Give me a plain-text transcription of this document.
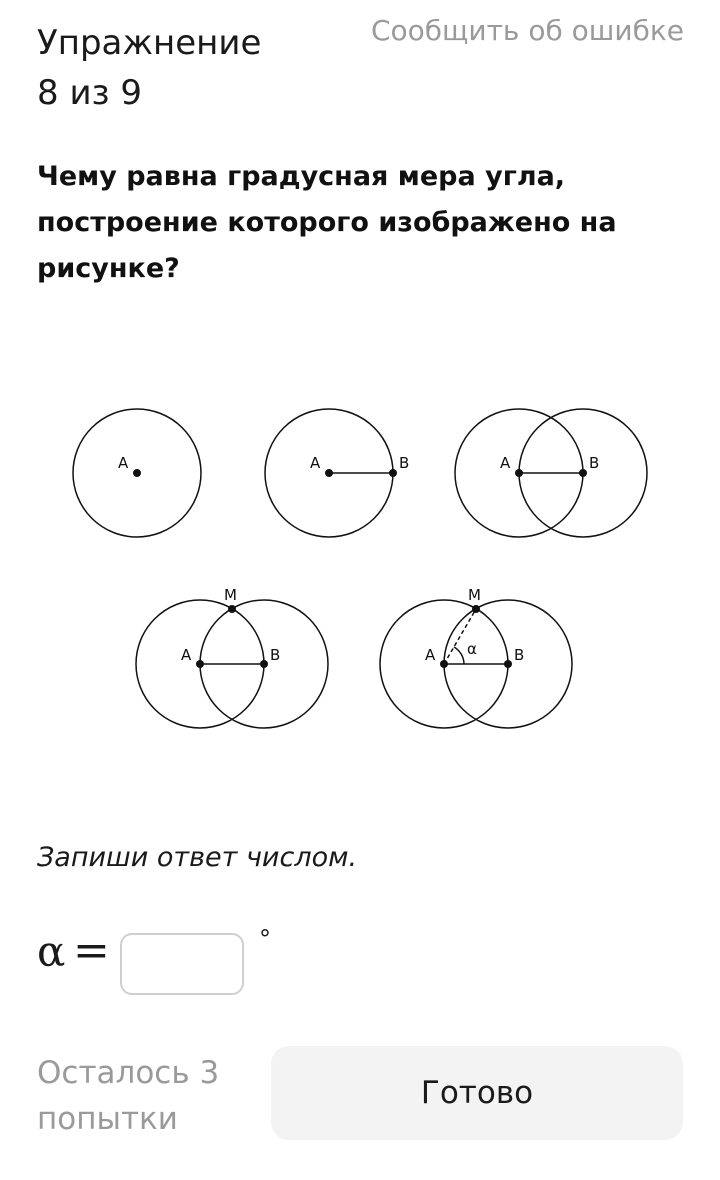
Упражнение
8 из 9
Сообщить об ошибке
Чему равна градусная мера угла, построение которого изображено на рисунке?
A	A	B	A	B
M
A	B
M
A	B
α
Запиши ответ числом.
α =	°
Осталось 3 попытки
Готово
